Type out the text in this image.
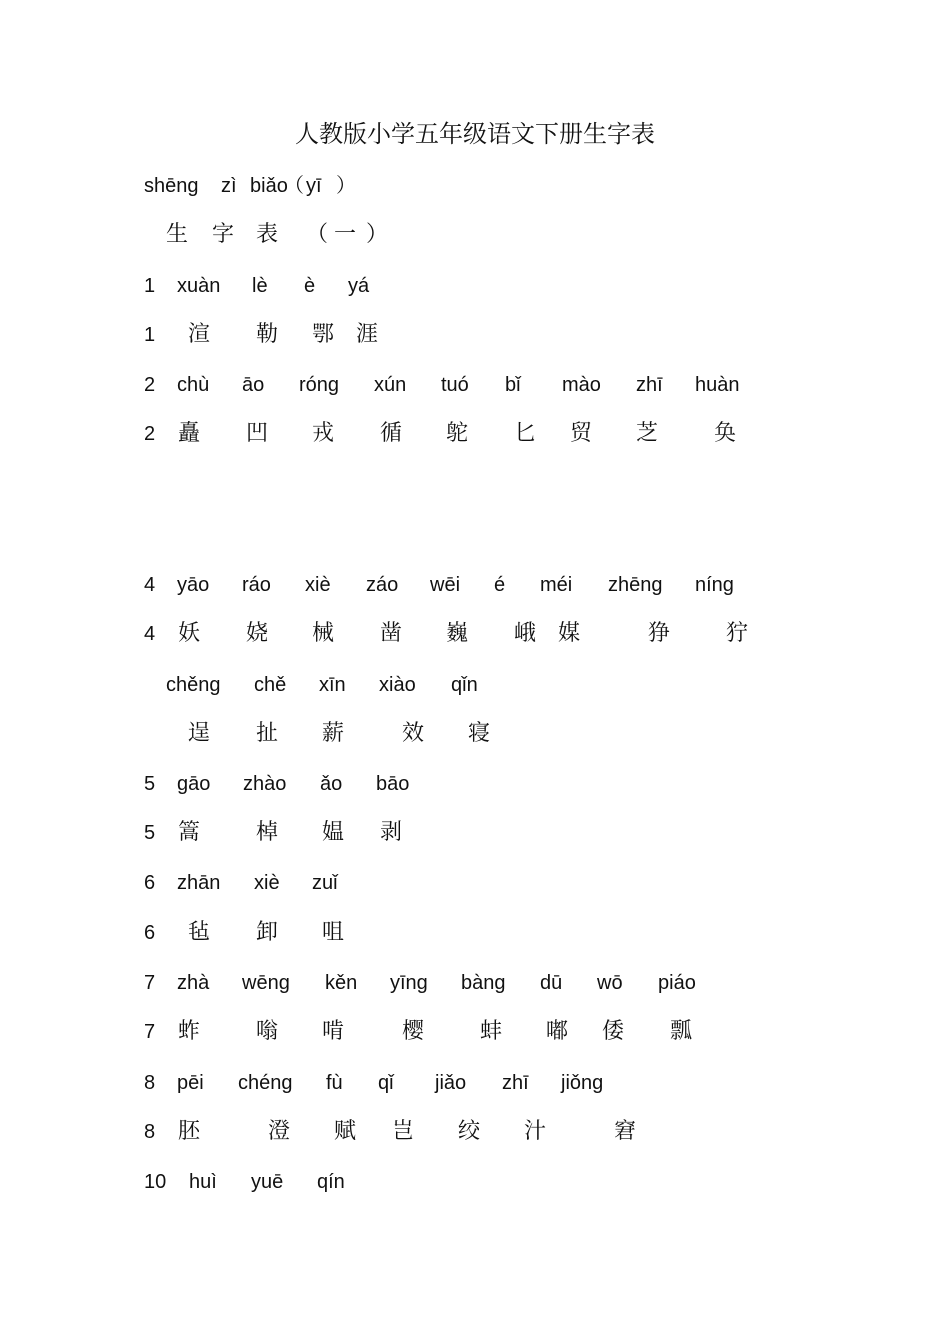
人教版小学五年级语文下册生字表
shēng zì biǎo
（ yī ）
生 字 表 （ 一 ）
1 xuàn lè è yá
1 渲 勒 鄂 涯
2 chù āo róng xún tuó bǐ mào zhī huàn
2 矗 凹 戎 循 鸵 匕 贸 芝	奂
4 yāo ráo xiè záo wēi é méi zhēng níng
4 妖 娆 械 凿 巍 峨 媒	狰	狞
chěng chě xīn xiào qǐn
逞 扯 薪	效 寝
5 gāo zhào ǎo bāo
5 篙	棹 媪 剥
6 zhān xiè zuǐ
6 毡 卸 咀
7 zhà wēng kěn yīng bàng dū wō piáo
7 蚱	嗡 啃	樱	蚌 嘟 倭 瓢
8 pēi chéng fù qǐ jiǎo zhī jiǒng
8 胚	澄 赋 岂 绞 汁	窘
10 huì yuē qín
